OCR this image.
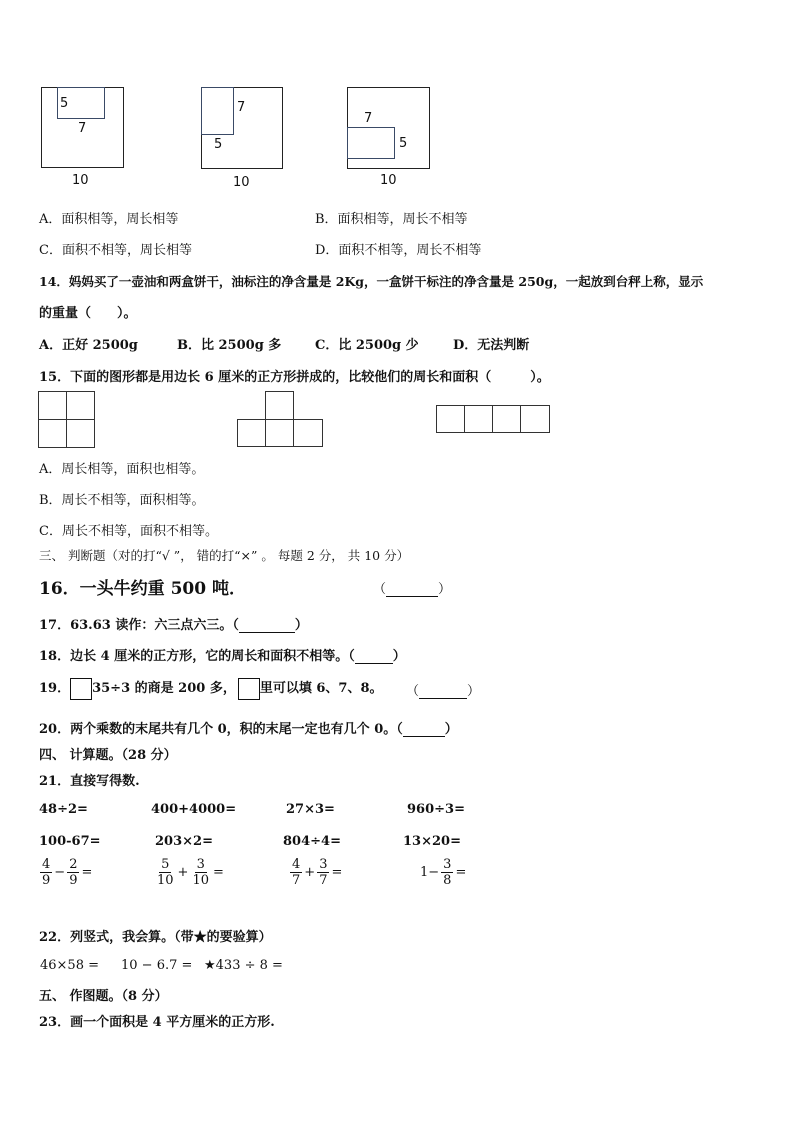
5
7
10
7
5
10
7
5
10
A．面积相等，周长相等	B．面积相等，周长不相等
C．面积不相等，周长相等	D．面积不相等，周长不相等
14．妈妈买了一壶油和两盒饼干，油标注的净含量是 2Kg，一盒饼干标注的净含量是 250g，一起放到台秤上称，显示
的重量（　　）。
A．正好 2500g	B．比 2500g 多	C．比 2500g 少	D．无法判断
15．下面的图形都是用边长 6 厘米的正方形拼成的，比较他们的周长和面积（　　　）。
A．周长相等，面积也相等。
B．周长不相等，面积相等。
C．周长不相等，面积不相等。
三、 判断题（对的打“√ ”， 错的打“×” 。 每题 2 分， 共 10 分）
16．一头牛约重 500 吨．	（	）
17．63.63 读作：六三点六三。（	）
18．边长 4 厘米的正方形，它的周长和面积不相等。（	）
19． 35÷3 的商是 200 多， 里可以填 6、7、8。 （	）
20．两个乘数的末尾共有几个 0，积的末尾一定也有几个 0。（	）
四、 计算题。（28 分）
21．直接写得数.
48÷2=	400+4000=	27×3=	960÷3=
100-67=	203×2=	804÷4=	13×20=
$\frac{4}{9} - \frac{2}{9}$ =	$\frac{5}{10} + \frac{3}{10}$ =	$\frac{4}{7} + \frac{3}{7}$ =	$1- \frac{3}{8}$ =
22．列竖式，我会算。（带★的要验算）
46×58 = 10 − 6.7 = ★433 ÷ 8 =
五、 作图题。（8 分）
23．画一个面积是 4 平方厘米的正方形.
